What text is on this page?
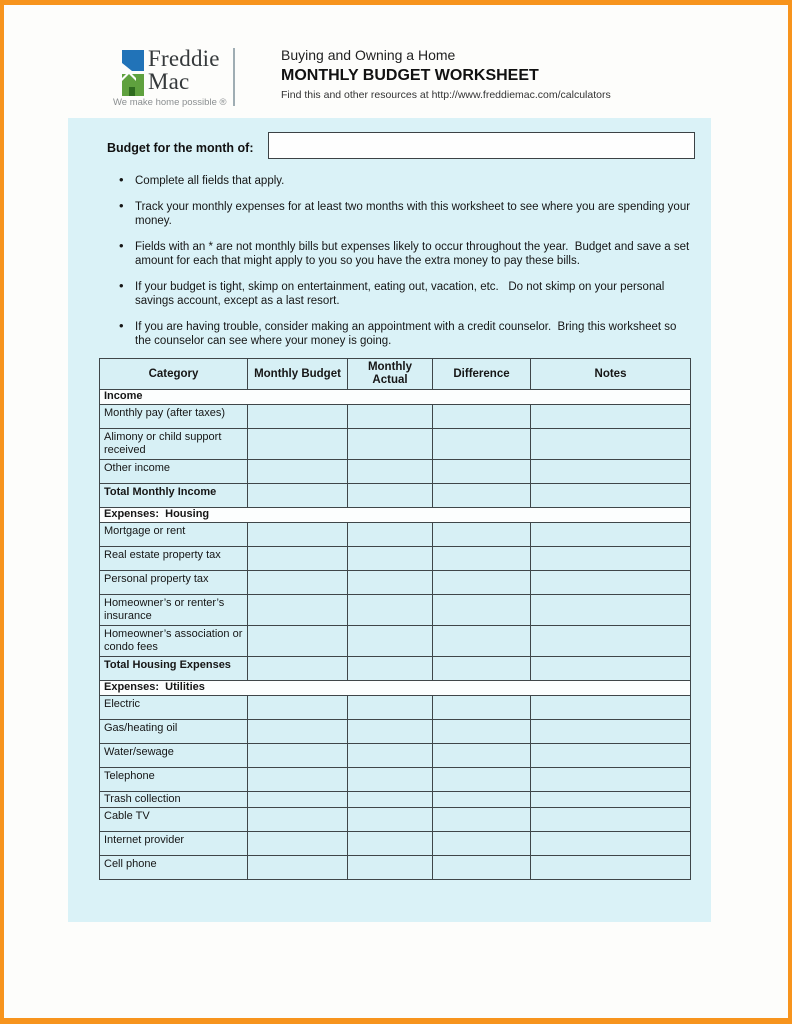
Freddie
Mac
We make home possible ®
Buying and Owning a Home
MONTHLY BUDGET WORKSHEET
Find this and other resources at http://www.freddiemac.com/calculators
Budget for the month of:
• Complete all fields that apply.
• Track your monthly expenses for at least two months with this worksheet to see where you are spending your money.
• Fields with an * are not monthly bills but expenses likely to occur throughout the year.  Budget and save a set amount for each that might apply to you so you have the extra money to pay these bills.
• If your budget is tight, skimp on entertainment, eating out, vacation, etc.   Do not skimp on your personal savings account, except as a last resort.
• If you are having trouble, consider making an appointment with a credit counselor.  Bring this worksheet so the counselor can see where your money is going.
Category	Monthly Budget	Monthly Actual	Difference	Notes
Income				
Monthly pay (after taxes)				
Alimony or child support received				
Other income				
Total Monthly Income				
Expenses:  Housing				
Mortgage or rent				
Real estate property tax				
Personal property tax				
Homeowner’s or renter’s insurance				
Homeowner’s association or condo fees				
Total Housing Expenses				
Expenses:  Utilities				
Electric				
Gas/heating oil				
Water/sewage				
Telephone				
Trash collection				
Cable TV				
Internet provider				
Cell phone				
